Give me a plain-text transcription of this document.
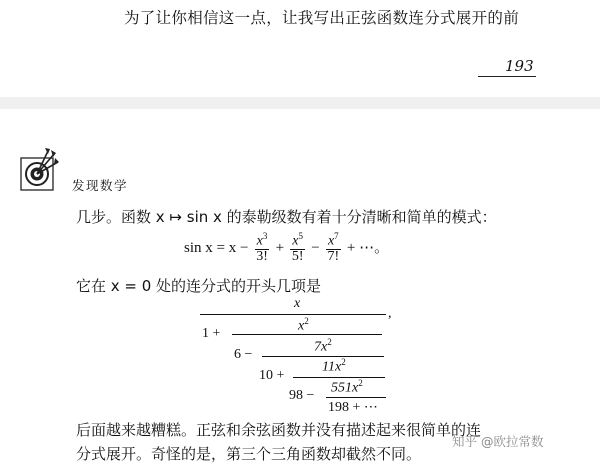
为了让你相信这一点，让我写出正弦函数连分式展开的前
193
发现数学
几步。函数 x ↦ sin x 的泰勒级数有着十分清晰和简单的模式：
$\sin x = x - \frac{x^3}{3!} + \frac{x^5}{5!} - \frac{x^7}{7!}$ + ⋯。
它在 x = 0 处的连分式的开头几项是
x
,
1 +	$x^2$
6 −	$7x^2$
10 +
$11x^2$
$98 - 551x^2$
198 + ⋯
后面越来越糟糕。正弦和余弦函数并没有描述起来很简单的连
分式展开。奇怪的是，第三个三角函数却截然不同。
知乎 @欧拉常数
